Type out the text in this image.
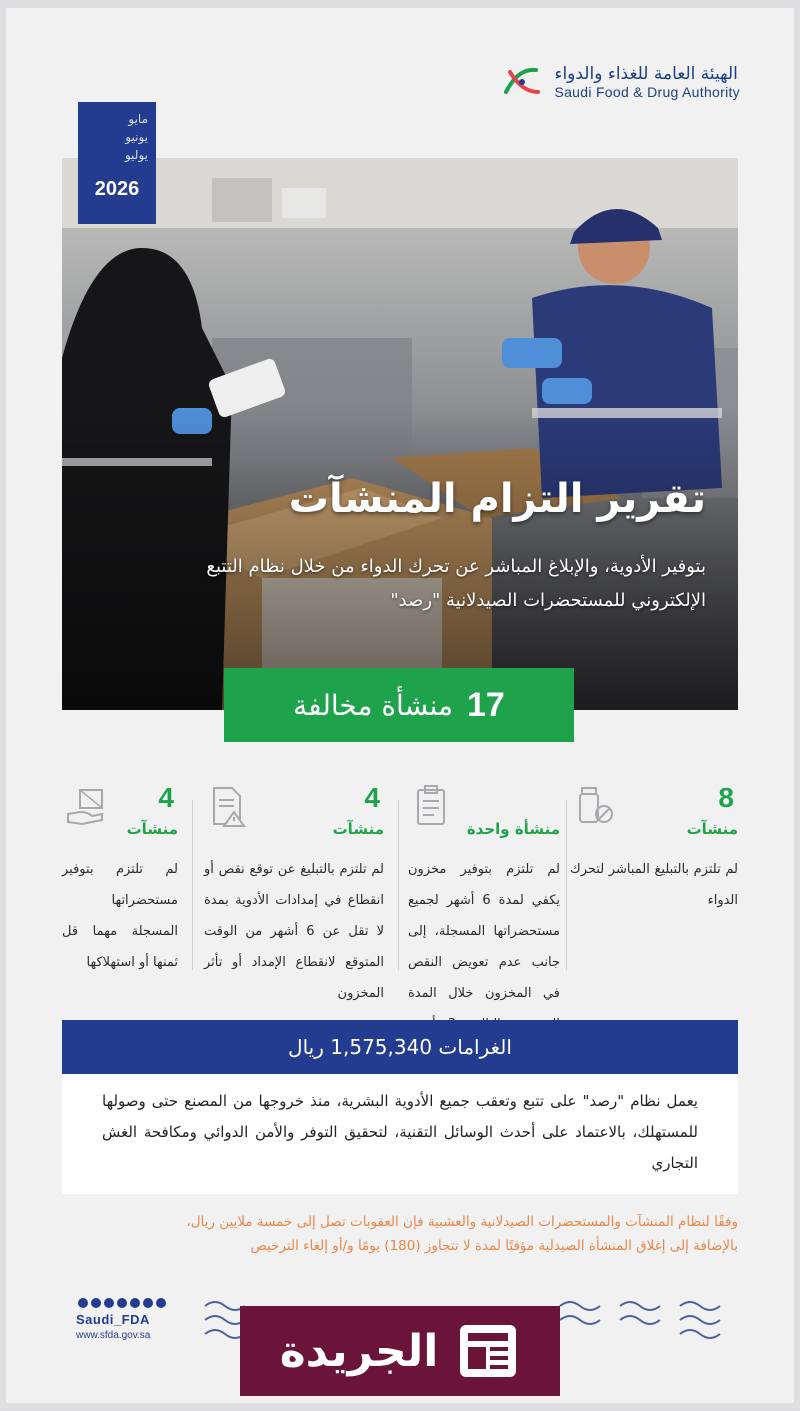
الهيئة العامة للغذاء والدواء
Saudi Food & Drug Authority
تقرير التزام المنشآت
بتوفير الأدوية، والإبلاغ المباشر عن تحرك الدواء من خلال نظام التتبع الإلكتروني للمستحضرات الصيدلانية "رصد"
مايو
يونيو
يوليو
2026
17
منشأة مخالفة
8
منشآت
لم تلتزم بالتبليغ المباشر لتحرك الدواء
منشأة واحدة
لم تلتزم بتوفير مخزون يكفي لمدة 6 أشهر لجميع مستحضراتها المسجلة، إلى جانب عدم تعويض النقص في المخزون خلال المدة
4
منشآت
لم تلتزم بالتبليغ عن توقع نقص أو انقطاع في إمدادات الأدوية بمدة لا تقل عن 6 أشهر من الوقت المتوقع لانقطاع الإمداد أو تأثر المخزون
4
منشآت
لم تلتزم بتوفير مستحضراتها المسجلة مهما قل ثمنها أو استهلاكها
الغرامات 1,575,340 ريال
يعمل نظام "رصد" على تتبع وتعقب جميع الأدوية البشرية، منذ خروجها من المصنع حتى وصولها للمستهلك، بالاعتماد على أحدث الوسائل التقنية، لتحقيق التوفر والأمن الدوائي ومكافحة الغش التجاري
وفقًا لنظام المنشآت والمستحضرات الصيدلانية والعشبية فإن العقوبات تصل إلى خمسة ملايين ريال،
بالإضافة إلى إغلاق المنشأة الصيدلية مؤقتًا لمدة لا تتجاوز (180) يومًا و/أو إلغاء الترخيص
Saudi_FDA
www.sfda.gov.sa	الجريدة
